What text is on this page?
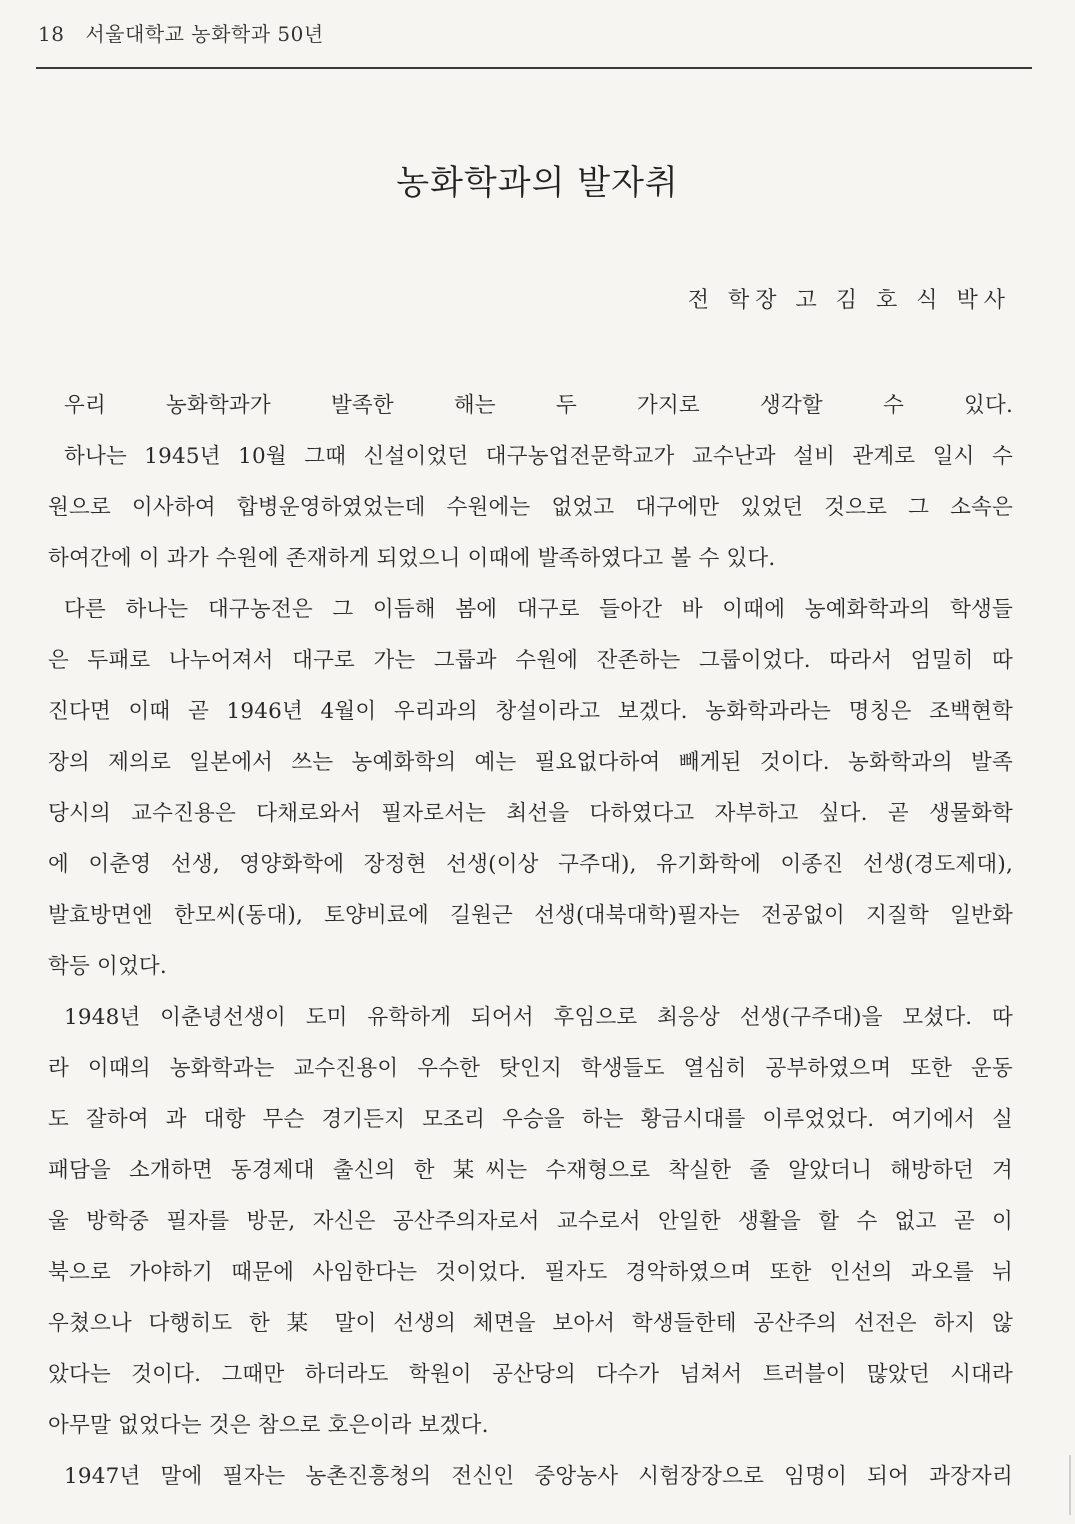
18 서울대학교 농화학과 50년
농화학과의 발자취
전 학장 고 김 호 식 박사
우리 농화학과가 발족한 해는 두 가지로 생각할 수 있다.
하나는 1945년 10월 그때 신설이었던 대구농업전문학교가 교수난과 설비 관계로 일시 수
원으로 이사하여 합병운영하였었는데 수원에는 없었고 대구에만 있었던 것으로 그 소속은
하여간에 이 과가 수원에 존재하게 되었으니 이때에 발족하였다고 볼 수 있다.
다른 하나는 대구농전은 그 이듬해 봄에 대구로 들아간 바 이때에 농예화학과의 학생들
은 두패로 나누어져서 대구로 가는 그룹과 수원에 잔존하는 그룹이었다. 따라서 엄밀히 따
진다면 이때 곧 1946년 4월이 우리과의 창설이라고 보겠다. 농화학과라는 명칭은 조백현학
장의 제의로 일본에서 쓰는 농예화학의 예는 필요없다하여 빼게된 것이다. 농화학과의 발족
당시의 교수진용은 다채로와서 필자로서는 최선을 다하였다고 자부하고 싶다. 곧 생물화학
에 이춘영 선생, 영양화학에 장정현 선생(이상 구주대), 유기화학에 이종진 선생(경도제대),
발효방면엔 한모씨(동대), 토양비료에 길원근 선생(대북대학)필자는 전공없이 지질학 일반화
학등 이었다.
1948년 이춘녕선생이 도미 유학하게 되어서 후임으로 최응상 선생(구주대)을 모셨다. 따
라 이때의 농화학과는 교수진용이 우수한 탓인지 학생들도 열심히 공부하였으며 또한 운동
도 잘하여 과 대항 무슨 경기든지 모조리 우승을 하는 황금시대를 이루었었다. 여기에서 실
패담을 소개하면 동경제대 출신의 한 某씨는 수재형으로 착실한 줄 알았더니 해방하던 겨
울 방학중 필자를 방문, 자신은 공산주의자로서 교수로서 안일한 생활을 할 수 없고 곧 이
북으로 가야하기 때문에 사임한다는 것이었다. 필자도 경악하였으며 또한 인선의 과오를 뉘
우쳤으나 다행히도 한 某 말이 선생의 체면을 보아서 학생들한테 공산주의 선전은 하지 않
았다는 것이다. 그때만 하더라도 학원이 공산당의 다수가 넘쳐서 트러블이 많았던 시대라
아무말 없었다는 것은 참으로 호은이라 보겠다.
1947년 말에 필자는 농촌진흥청의 전신인 중앙농사 시험장장으로 임명이 되어 과장자리
